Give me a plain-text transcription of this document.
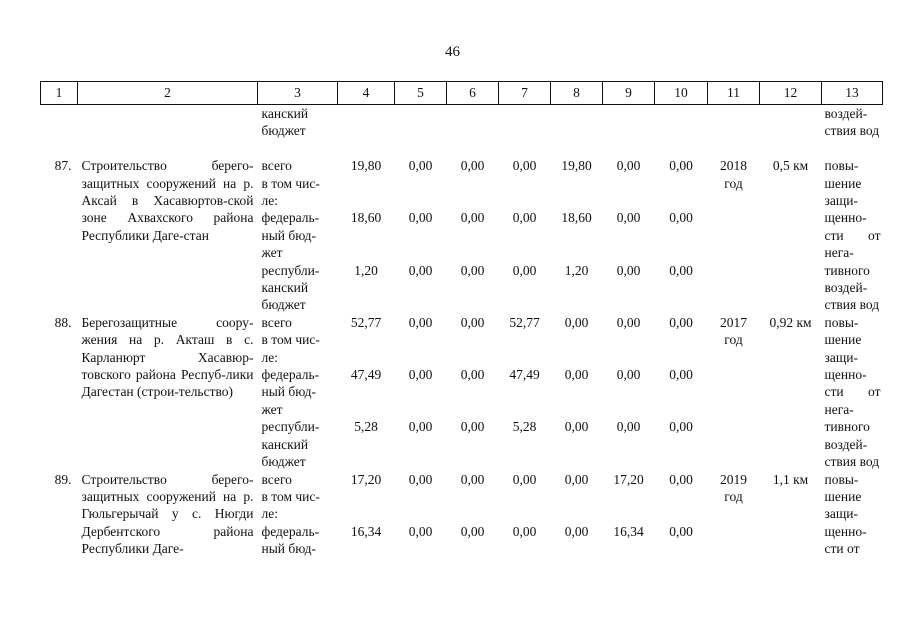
46
1	2	3	4	5	6	7	8	9	10	11	12	13
		канский бюджет										воздей-ствия вод

87.	Строительство берего-защитных сооружений на р. Аксай в Хасавюртов-ской зоне Ахвахского района Республики Даге-стан	всего	19,80	0,00	0,00	0,00	19,80	0,00	0,00	2018 год	0,5 км	повы-шение защи-щенно-сти от нега-тивного воздей-ствия вод

		в том чис-ле:										
		федераль-ный бюд-жет	18,60	0,00	0,00	0,00	18,60	0,00	0,00			
		республи-канский бюджет	1,20	0,00	0,00	0,00	1,20	0,00	0,00			
88.	Берегозащитные соору-жения на р. Акташ в с. Карланюрт Хасавюр-товского района Респуб-лики Дагестан (строи-тельство)	всего	52,77	0,00	0,00	52,77	0,00	0,00	0,00	2017 год	0,92 км	повы-шение защи-щенно-сти от нега-тивного воздей-ствия вод

		в том чис-ле:										
		федераль-ный бюд-жет	47,49	0,00	0,00	47,49	0,00	0,00	0,00			
		республи-канский бюджет	5,28	0,00	0,00	5,28	0,00	0,00	0,00			
89.	Строительство берего-защитных сооружений на р. Гюльгерычай у с. Нюгди Дербентского района Республики Даге-	всего	17,20	0,00	0,00	0,00	0,00	17,20	0,00	2019 год	1,1 км	повы-шение защи-щенно-сти от

		в том чис-ле:										
		федераль-ный бюд-	16,34	0,00	0,00	0,00	0,00	16,34	0,00			
